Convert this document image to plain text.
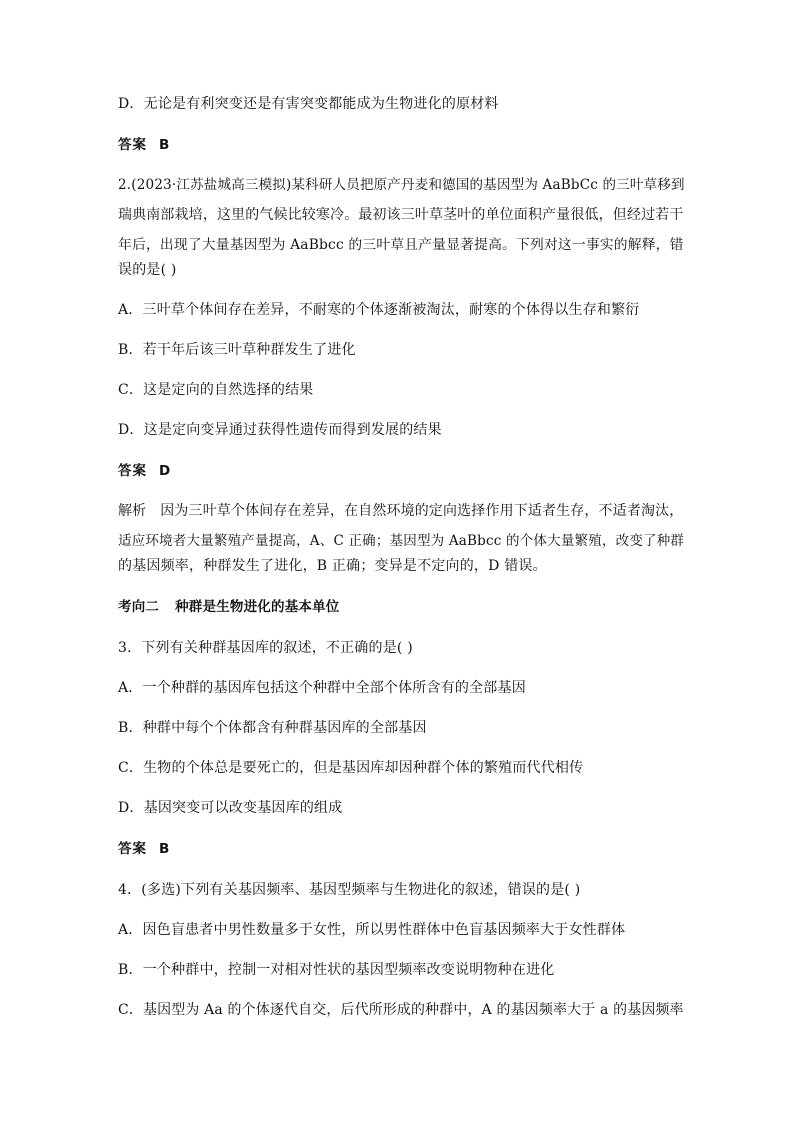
D．无论是有利突变还是有害突变都能成为生物进化的原材料
答案 B
2.(2023·江苏盐城高三模拟)某科研人员把原产丹麦和德国的基因型为 AaBbCc 的三叶草移到
瑞典南部栽培，这里的气候比较寒冷。最初该三叶草茎叶的单位面积产量很低，但经过若干
年后，出现了大量基因型为 AaBbcc 的三叶草且产量显著提高。下列对这一事实的解释，错
误的是( )
A．三叶草个体间存在差异，不耐寒的个体逐渐被淘汰，耐寒的个体得以生存和繁衍
B．若干年后该三叶草种群发生了进化
C．这是定向的自然选择的结果
D．这是定向变异通过获得性遗传而得到发展的结果
答案 D
解析 因为三叶草个体间存在差异，在自然环境的定向选择作用下适者生存，不适者淘汰，
适应环境者大量繁殖产量提高，A、C 正确；基因型为 AaBbcc 的个体大量繁殖，改变了种群
的基因频率，种群发生了进化，B 正确；变异是不定向的，D 错误。
考向二 种群是生物进化的基本单位
3．下列有关种群基因库的叙述，不正确的是( )
A．一个种群的基因库包括这个种群中全部个体所含有的全部基因
B．种群中每个个体都含有种群基因库的全部基因
C．生物的个体总是要死亡的，但是基因库却因种群个体的繁殖而代代相传
D．基因突变可以改变基因库的组成
答案 B
4．(多选)下列有关基因频率、基因型频率与生物进化的叙述，错误的是( )
A．因色盲患者中男性数量多于女性，所以男性群体中色盲基因频率大于女性群体
B．一个种群中，控制一对相对性状的基因型频率改变说明物种在进化
C．基因型为 Aa 的个体逐代自交，后代所形成的种群中，A 的基因频率大于 a 的基因频率
